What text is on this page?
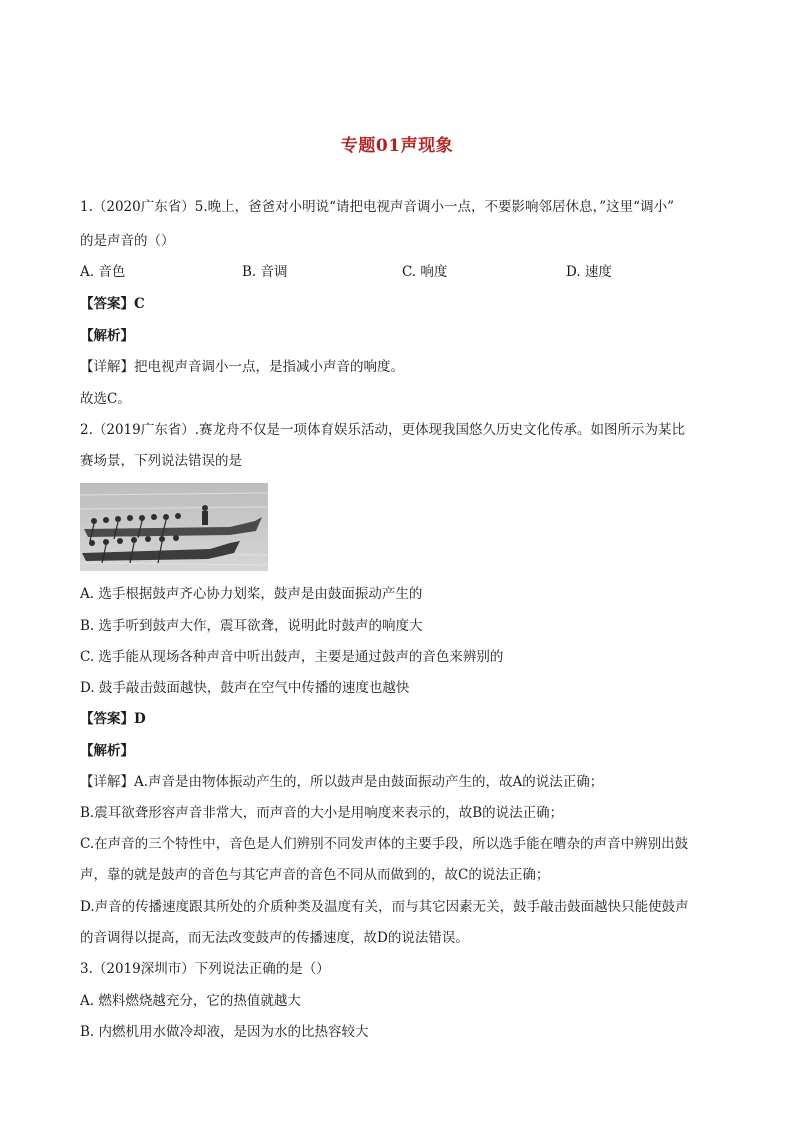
专题01声现象
1.（2020广东省）5.晚上，爸爸对小明说“请把电视声音调小一点，不要影响邻居休息，”这里“调小”
的是声音的（）
A. 音色	B. 音调	C. 响度	D. 速度
【答案】C
【解析】
【详解】把电视声音调小一点，是指减小声音的响度。
故选C。
2.（2019广东省）.赛龙舟不仅是一项体育娱乐活动，更体现我国悠久历史文化传承。如图所示为某比
赛场景，下列说法错误的是
A. 选手根据鼓声齐心协力划桨，鼓声是由鼓面振动产生的
B. 选手听到鼓声大作，震耳欲聋，说明此时鼓声的响度大
C. 选手能从现场各种声音中听出鼓声，主要是通过鼓声的音色来辨别的
D. 鼓手敲击鼓面越快，鼓声在空气中传播的速度也越快
【答案】D
【解析】
【详解】A.声音是由物体振动产生的，所以鼓声是由鼓面振动产生的，故A的说法正确；
B.震耳欲聋形容声音非常大，而声音的大小是用响度来表示的，故B的说法正确；
C.在声音的三个特性中，音色是人们辨别不同发声体的主要手段，所以选手能在嘈杂的声音中辨别出鼓
声，靠的就是鼓声的音色与其它声音的音色不同从而做到的，故C的说法正确；
D.声音的传播速度跟其所处的介质种类及温度有关，而与其它因素无关，鼓手敲击鼓面越快只能使鼓声
的音调得以提高，而无法改变鼓声的传播速度，故D的说法错误。
3.（2019深圳市）下列说法正确的是（）
A. 燃料燃烧越充分，它的热值就越大
B. 内燃机用水做冷却液，是因为水的比热容较大
